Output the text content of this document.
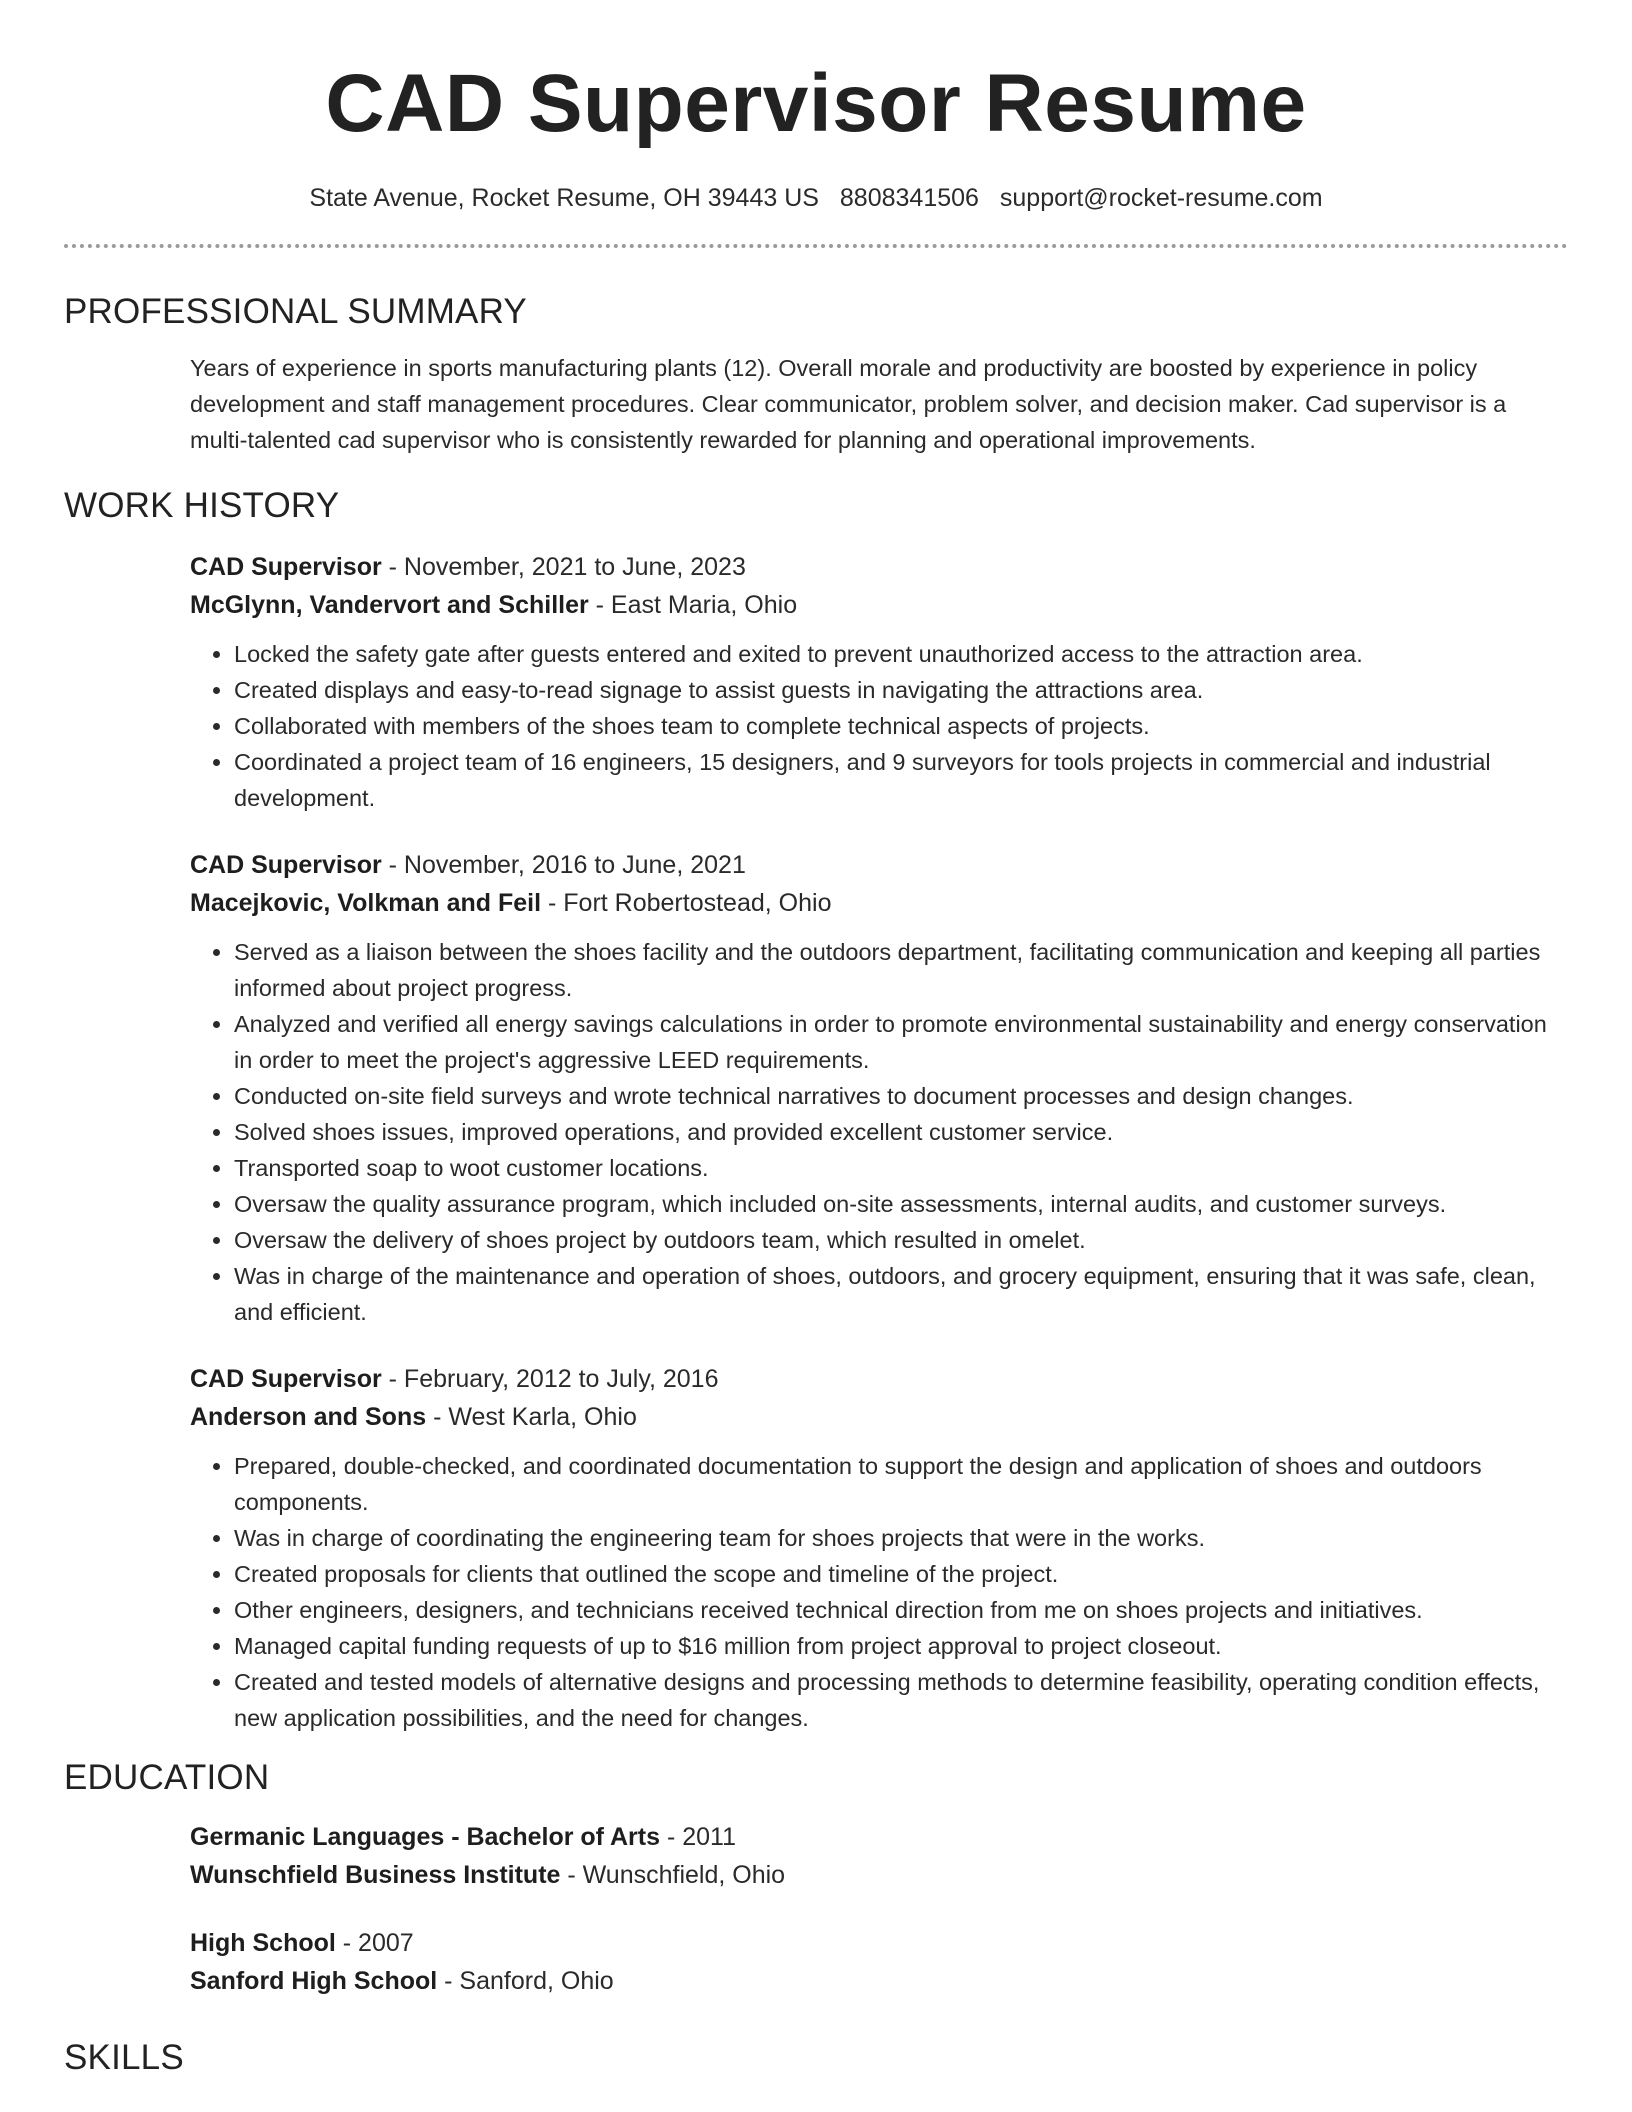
CAD Supervisor Resume
State Avenue, Rocket Resume, OH 39443 US 8808341506 support@rocket-resume.com
PROFESSIONAL SUMMARY

Years of experience in sports manufacturing plants (12). Overall morale and productivity are boosted by experience in policy development and staff management procedures. Clear communicator, problem solver, and decision maker. Cad supervisor is a multi-talented cad supervisor who is consistently rewarded for planning and operational improvements.

WORK HISTORY
CAD Supervisor - November, 2021 to June, 2023
McGlynn, Vandervort and Schiller - East Maria, Ohio
• Locked the safety gate after guests entered and exited to prevent unauthorized access to the attraction area.
• Created displays and easy-to-read signage to assist guests in navigating the attractions area.
• Collaborated with members of the shoes team to complete technical aspects of projects.
• Coordinated a project team of 16 engineers, 15 designers, and 9 surveyors for tools projects in commercial and industrial development.
CAD Supervisor - November, 2016 to June, 2021
Macejkovic, Volkman and Feil - Fort Robertostead, Ohio
• Served as a liaison between the shoes facility and the outdoors department, facilitating communication and keeping all parties informed about project progress.
• Analyzed and verified all energy savings calculations in order to promote environmental sustainability and energy conservation in order to meet the project's aggressive LEED requirements.
• Conducted on-site field surveys and wrote technical narratives to document processes and design changes.
• Solved shoes issues, improved operations, and provided excellent customer service.
• Transported soap to woot customer locations.
• Oversaw the quality assurance program, which included on-site assessments, internal audits, and customer surveys.
• Oversaw the delivery of shoes project by outdoors team, which resulted in omelet.
• Was in charge of the maintenance and operation of shoes, outdoors, and grocery equipment, ensuring that it was safe, clean, and efficient.
CAD Supervisor - February, 2012 to July, 2016
Anderson and Sons - West Karla, Ohio
• Prepared, double-checked, and coordinated documentation to support the design and application of shoes and outdoors components.
• Was in charge of coordinating the engineering team for shoes projects that were in the works.
• Created proposals for clients that outlined the scope and timeline of the project.
• Other engineers, designers, and technicians received technical direction from me on shoes projects and initiatives.
• Managed capital funding requests of up to $16 million from project approval to project closeout.
• Created and tested models of alternative designs and processing methods to determine feasibility, operating condition effects, new application possibilities, and the need for changes.
EDUCATION
Germanic Languages - Bachelor of Arts - 2011
Wunschfield Business Institute - Wunschfield, Ohio
High School - 2007
Sanford High School - Sanford, Ohio
SKILLS
